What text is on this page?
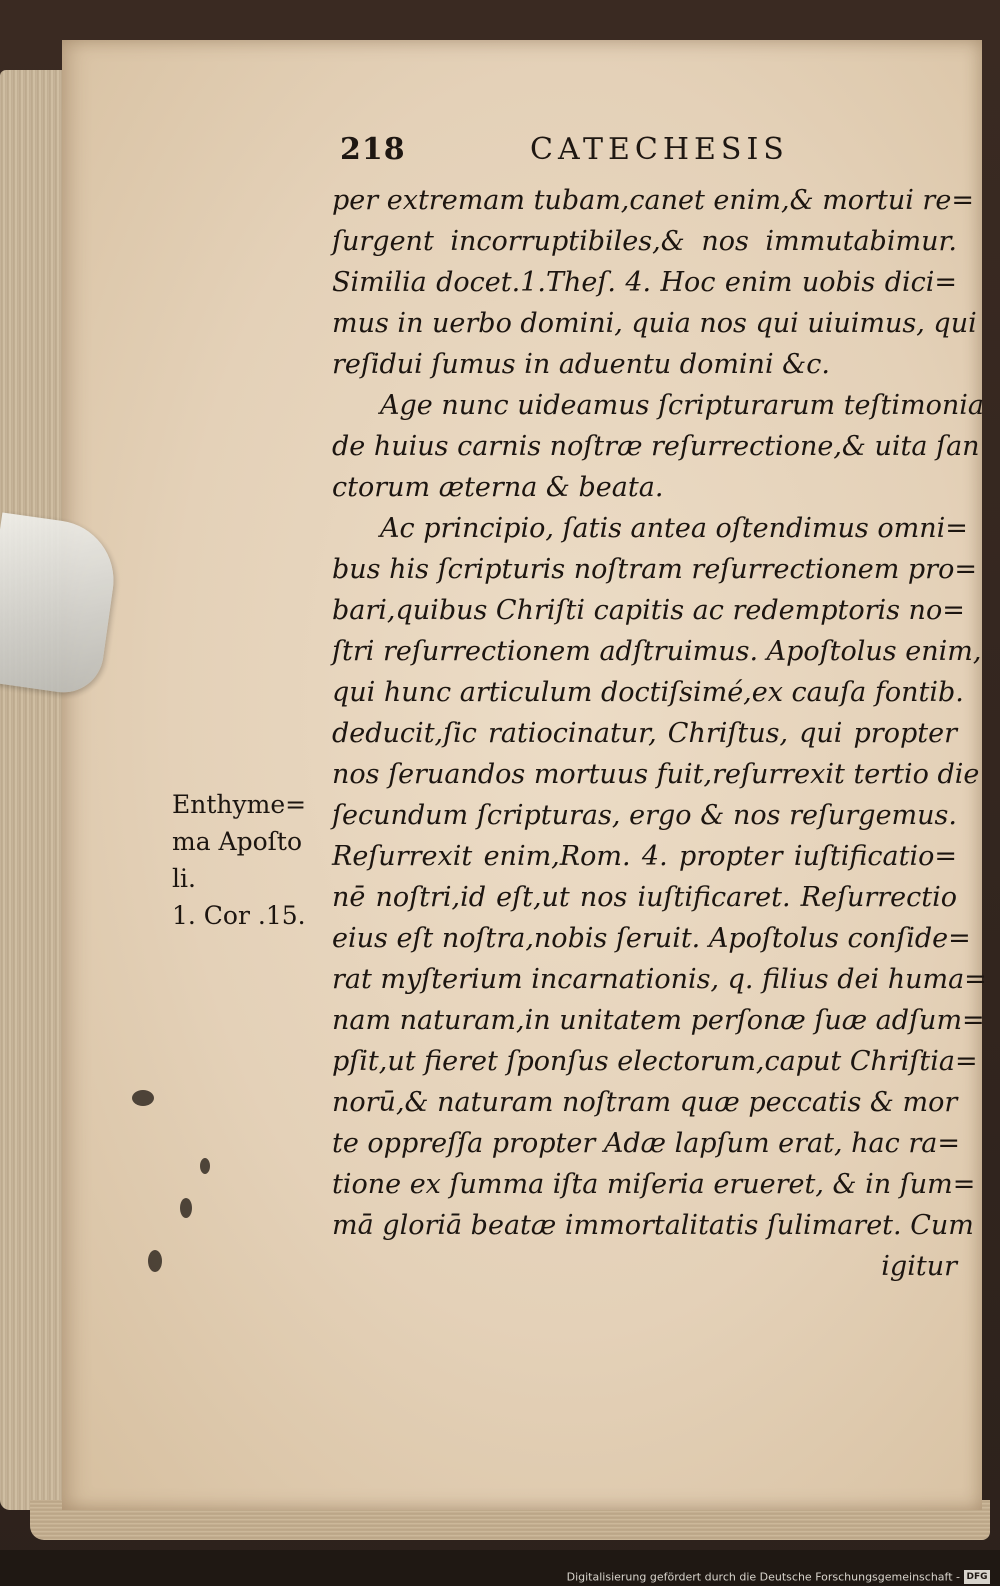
218	CATECHESIS
per extremam tubam,canet enim,& mortui re=
ſurgent incorruptibiles,& nos immutabimur.
Similia docet.1.Theſ. 4. Hoc enim uobis dici=
mus in uerbo domini, quia nos qui uiuimus, qui
reſidui ſumus in aduentu domini &c.
Age nunc uideamus ſcripturarum teſtimonia
de huius carnis noſtræ reſurrectione,& uita ſan
ctorum æterna & beata.
Ac principio, ſatis antea oſtendimus omni=
bus his ſcripturis noſtram reſurrectionem pro=
bari,quibus Chriſti capitis ac redemptoris no=
ſtri reſurrectionem adſtruimus. Apoſtolus enim,
qui hunc articulum doctiſsimé,ex cauſa fontib.
deducit,ſic ratiocinatur, Chriſtus, qui propter
nos ſeruandos mortuus fuit,reſurrexit tertio die
ſecundum ſcripturas, ergo & nos reſurgemus.
Reſurrexit enim,Rom. 4. propter iuſtificatio=
nē noſtri,id eſt,ut nos iuſtificaret. Reſurrectio
eius eſt noſtra,nobis ſeruit. Apoſtolus conſide=
rat myſterium incarnationis, q. filius dei huma=
nam naturam,in unitatem perſonæ ſuæ adſum=
pſit,ut fieret ſponſus electorum,caput Chriſtia=
norū,& naturam noſtram quæ peccatis & mor
te oppreſſa propter Adæ lapſum erat, hac ra=
tione ex ſumma iſta miſeria erueret, & in ſum=
mā gloriā beatæ immortalitatis ſulimaret. Cum
igitur
Enthyme=
ma Apoſto
li.
1. Cor .15.
Digitalisierung gefördert durch die Deutsche Forschungsgemeinschaft - DFG
